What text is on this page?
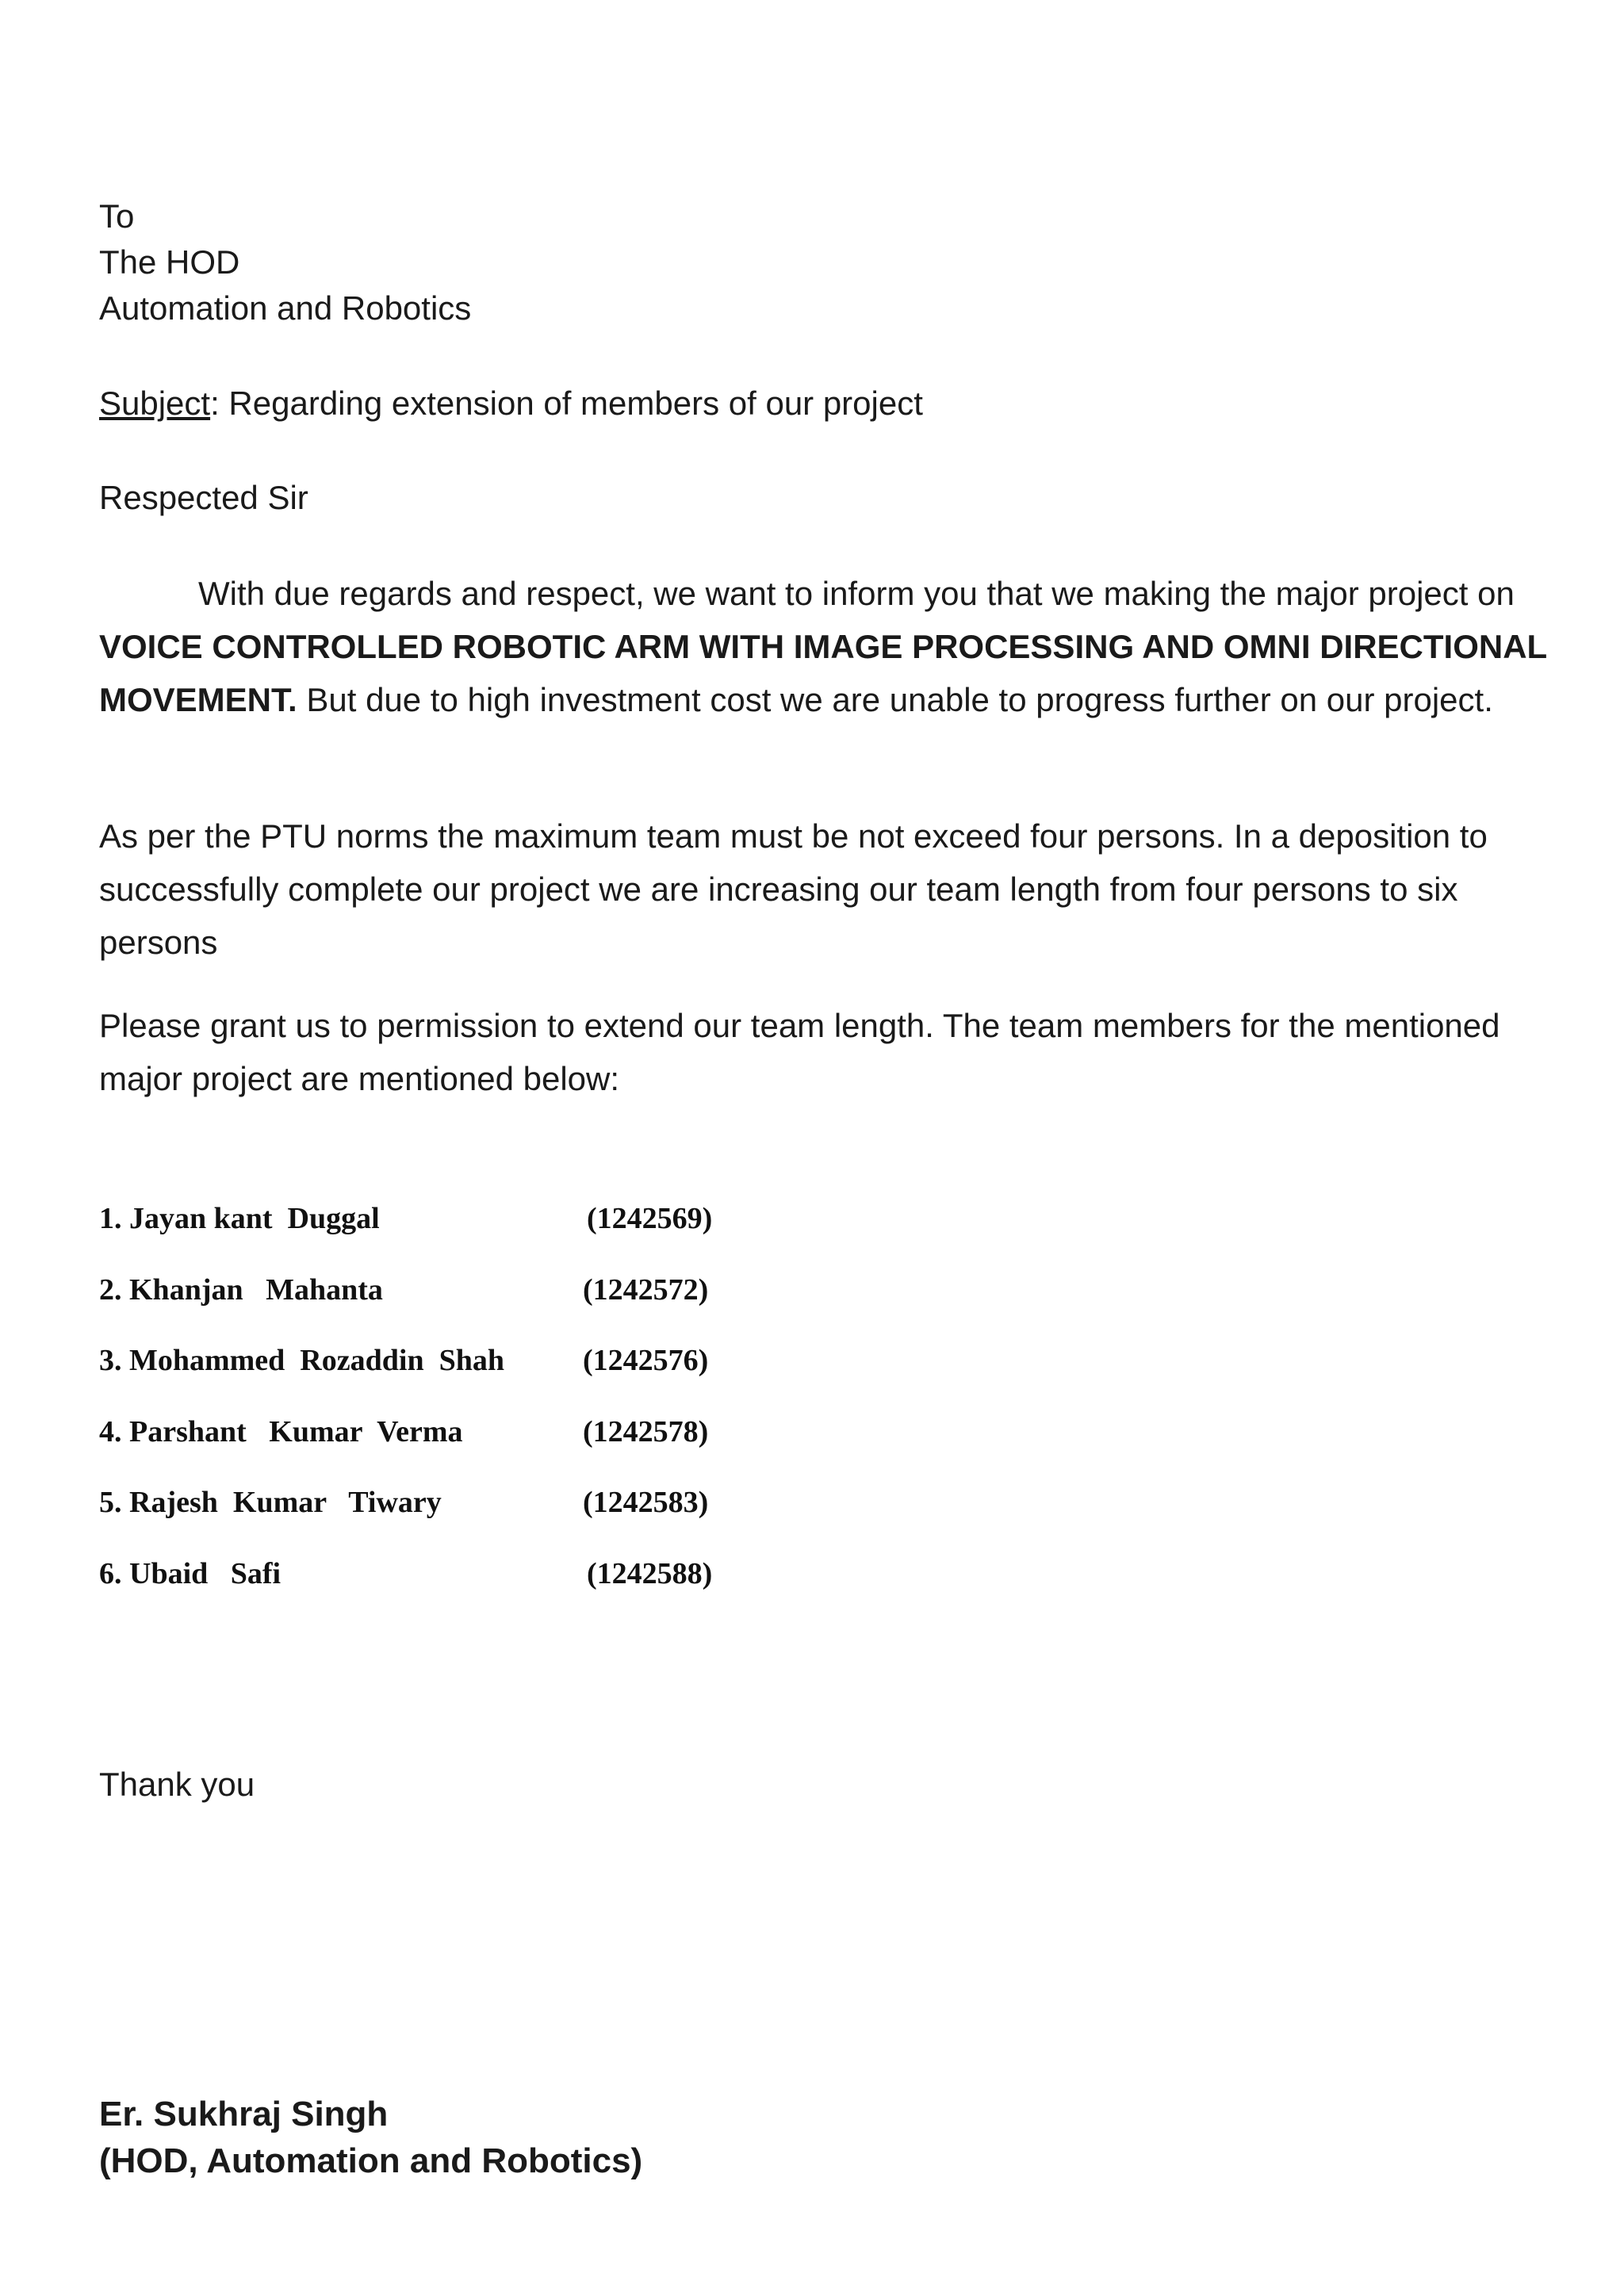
To
The HOD
Automation and Robotics
Subject: Regarding extension of members of our project
Respected Sir
With due regards and respect, we want to inform you that we making the major project on VOICE CONTROLLED ROBOTIC ARM WITH IMAGE PROCESSING AND OMNI DIRECTIONAL MOVEMENT. But due to high investment cost we are unable to progress further on our project.
As per the PTU norms the maximum team must be not exceed four persons. In a deposition to successfully complete our project we are increasing our team length from four persons to six persons
Please grant us to permission to extend our team length. The team members for the mentioned major project are mentioned below:
1. Jayan kant  Duggal	(1242569)
2. Khanjan   Mahanta	(1242572)
3. Mohammed  Rozaddin  Shah	(1242576)
4. Parshant   Kumar  Verma	(1242578)
5. Rajesh  Kumar   Tiwary	(1242583)
6. Ubaid   Safi	(1242588)
Thank you
Er. Sukhraj Singh
(HOD, Automation and Robotics)
